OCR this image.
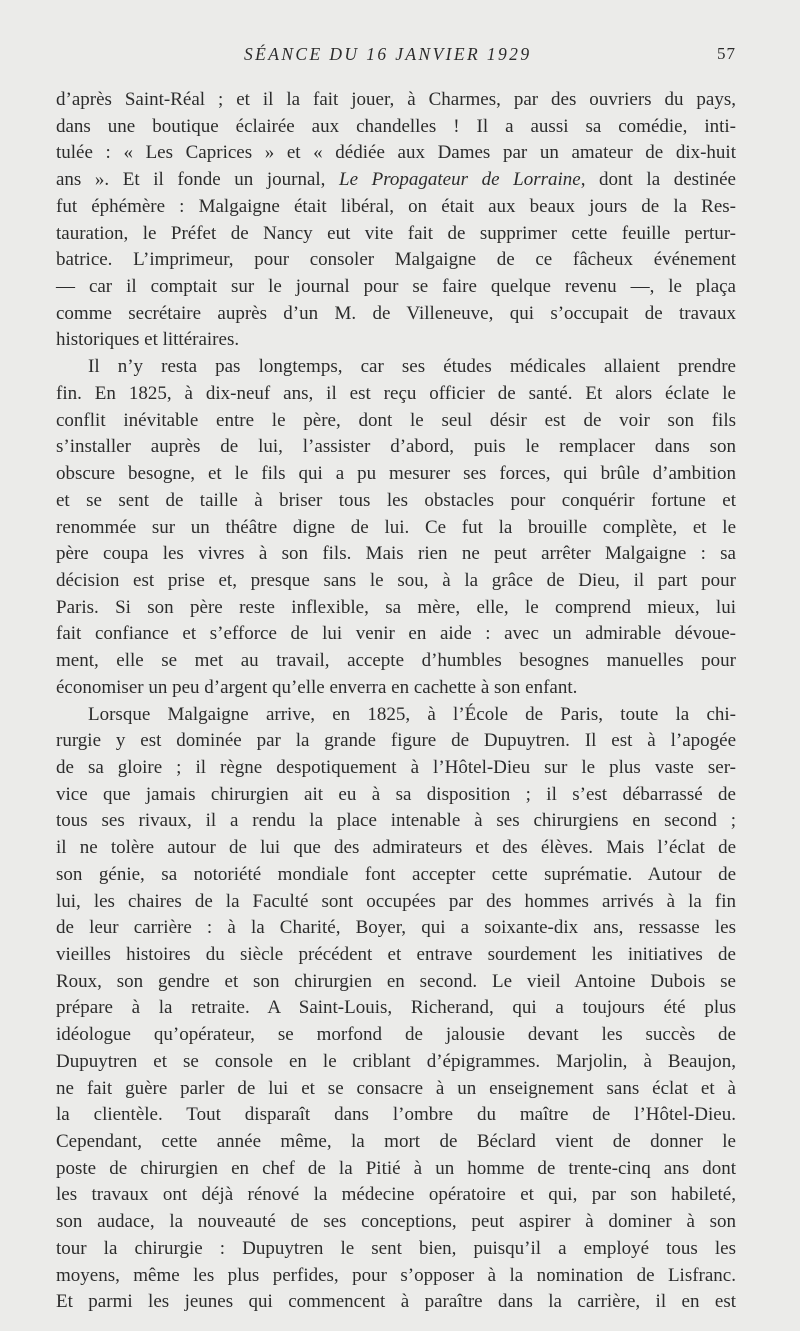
SÉANCE DU 16 JANVIER 1929	57
d’après Saint-Réal ; et il la fait jouer, à Charmes, par des ouvriers du pays,
dans une boutique éclairée aux chandelles ! Il a aussi sa comédie, inti-
tulée : « Les Caprices » et « dédiée aux Dames par un amateur de dix-huit
ans ». Et il fonde un journal, Le Propagateur de Lorraine, dont la destinée
fut éphémère : Malgaigne était libéral, on était aux beaux jours de la Res-
tauration, le Préfet de Nancy eut vite fait de supprimer cette feuille pertur-
batrice. L’imprimeur, pour consoler Malgaigne de ce fâcheux événement
— car il comptait sur le journal pour se faire quelque revenu —, le plaça
comme secrétaire auprès d’un M. de Villeneuve, qui s’occupait de travaux
historiques et littéraires.
Il n’y resta pas longtemps, car ses études médicales allaient prendre
fin. En 1825, à dix-neuf ans, il est reçu officier de santé. Et alors éclate le
conflit inévitable entre le père, dont le seul désir est de voir son fils
s’installer auprès de lui, l’assister d’abord, puis le remplacer dans son
obscure besogne, et le fils qui a pu mesurer ses forces, qui brûle d’ambition
et se sent de taille à briser tous les obstacles pour conquérir fortune et
renommée sur un théâtre digne de lui. Ce fut la brouille complète, et le
père coupa les vivres à son fils. Mais rien ne peut arrêter Malgaigne : sa
décision est prise et, presque sans le sou, à la grâce de Dieu, il part pour
Paris. Si son père reste inflexible, sa mère, elle, le comprend mieux, lui
fait confiance et s’efforce de lui venir en aide : avec un admirable dévoue-
ment, elle se met au travail, accepte d’humbles besognes manuelles pour
économiser un peu d’argent qu’elle enverra en cachette à son enfant.
Lorsque Malgaigne arrive, en 1825, à l’École de Paris, toute la chi-
rurgie y est dominée par la grande figure de Dupuytren. Il est à l’apogée
de sa gloire ; il règne despotiquement à l’Hôtel-Dieu sur le plus vaste ser-
vice que jamais chirurgien ait eu à sa disposition ; il s’est débarrassé de
tous ses rivaux, il a rendu la place intenable à ses chirurgiens en second ;
il ne tolère autour de lui que des admirateurs et des élèves. Mais l’éclat de
son génie, sa notoriété mondiale font accepter cette suprématie. Autour de
lui, les chaires de la Faculté sont occupées par des hommes arrivés à la fin
de leur carrière : à la Charité, Boyer, qui a soixante-dix ans, ressasse les
vieilles histoires du siècle précédent et entrave sourdement les initiatives de
Roux, son gendre et son chirurgien en second. Le vieil Antoine Dubois se
prépare à la retraite. A Saint-Louis, Richerand, qui a toujours été plus
idéologue qu’opérateur, se morfond de jalousie devant les succès de
Dupuytren et se console en le criblant d’épigrammes. Marjolin, à Beaujon,
ne fait guère parler de lui et se consacre à un enseignement sans éclat et à
la clientèle. Tout disparaît dans l’ombre du maître de l’Hôtel-Dieu.
Cependant, cette année même, la mort de Béclard vient de donner le
poste de chirurgien en chef de la Pitié à un homme de trente-cinq ans dont
les travaux ont déjà rénové la médecine opératoire et qui, par son habileté,
son audace, la nouveauté de ses conceptions, peut aspirer à dominer à son
tour la chirurgie : Dupuytren le sent bien, puisqu’il a employé tous les
moyens, même les plus perfides, pour s’opposer à la nomination de Lisfranc.
Et parmi les jeunes qui commencent à paraître dans la carrière, il en est
